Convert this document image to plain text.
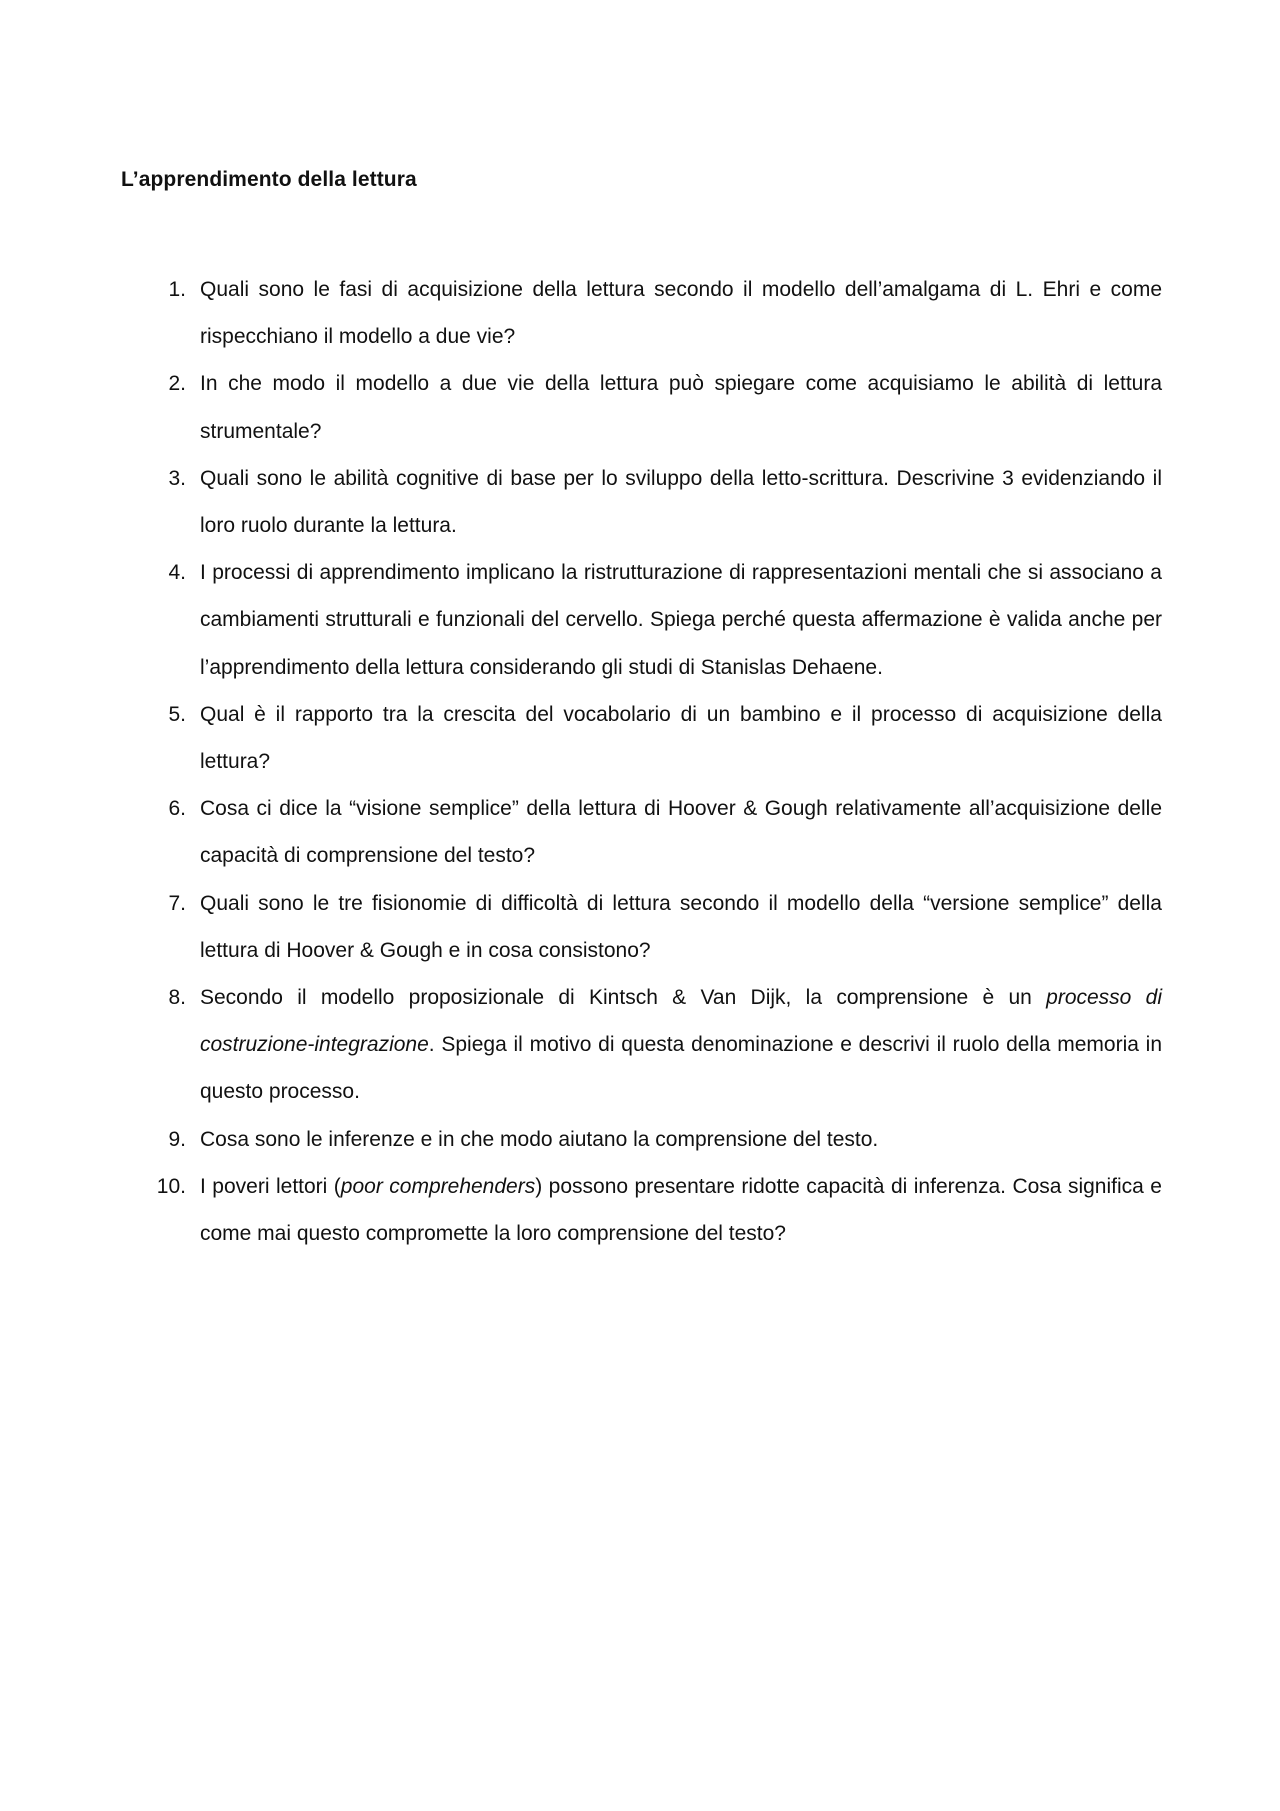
L’apprendimento della lettura
1. Quali sono le fasi di acquisizione della lettura secondo il modello dell’amalgama di L. Ehri e come rispecchiano il modello a due vie?
2. In che modo il modello a due vie della lettura può spiegare come acquisiamo le abilità di lettura strumentale?
3. Quali sono le abilità cognitive di base per lo sviluppo della letto-scrittura. Descrivine 3 evidenziando il loro ruolo durante la lettura.
4. I processi di apprendimento implicano la ristrutturazione di rappresentazioni mentali che si associano a cambiamenti strutturali e funzionali del cervello. Spiega perché questa affermazione è valida anche per l’apprendimento della lettura considerando gli studi di Stanislas Dehaene.
5. Qual è il rapporto tra la crescita del vocabolario di un bambino e il processo di acquisizione della lettura?
6. Cosa ci dice la “visione semplice” della lettura di Hoover & Gough relativamente all’acquisizione delle capacità di comprensione del testo?
7. Quali sono le tre fisionomie di difficoltà di lettura secondo il modello della “versione semplice” della lettura di Hoover & Gough e in cosa consistono?
8. Secondo il modello proposizionale di Kintsch & Van Dijk, la comprensione è un processo di costruzione-integrazione. Spiega il motivo di questa denominazione e descrivi il ruolo della memoria in questo processo.
9. Cosa sono le inferenze e in che modo aiutano la comprensione del testo.
10. I poveri lettori (poor comprehenders) possono presentare ridotte capacità di inferenza. Cosa significa e come mai questo compromette la loro comprensione del testo?
